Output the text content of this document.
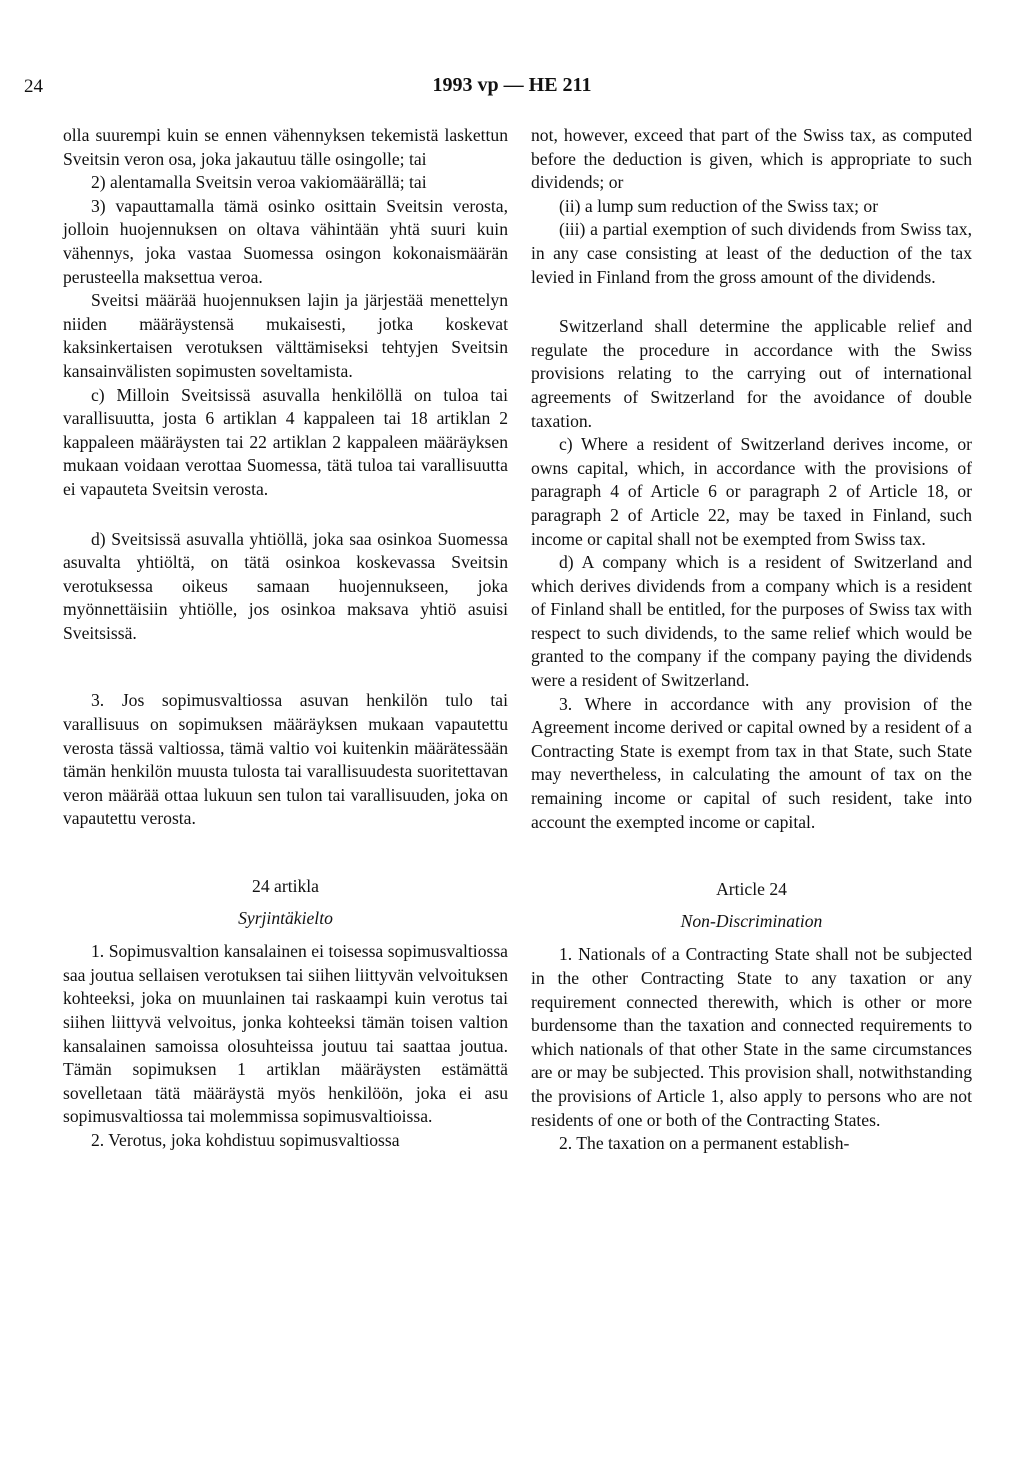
24	1993 vp — HE 211

olla suurempi kuin se ennen vähennyksen tekemistä laskettun Sveitsin veron osa, joka jakautuu tälle osingolle; tai

2) alentamalla Sveitsin veroa vakiomäärällä; tai

3) vapauttamalla tämä osinko osittain Sveitsin verosta, jolloin huojennuksen on oltava vähintään yhtä suuri kuin vähennys, joka vastaa Suomessa osingon kokonaismäärän perusteella maksettua veroa.

Sveitsi määrää huojennuksen lajin ja järjestää menettelyn niiden määräystensä mukaisesti, jotka koskevat kaksinkertaisen verotuksen välttämiseksi tehtyjen Sveitsin kansainvälisten sopimusten soveltamista.

c) Milloin Sveitsissä asuvalla henkilöllä on tuloa tai varallisuutta, josta 6 artiklan 4 kappaleen tai 18 artiklan 2 kappaleen määräysten tai 22 artiklan 2 kappaleen määräyksen mukaan voidaan verottaa Suomessa, tätä tuloa tai varallisuutta ei vapauteta Sveitsin verosta.

d) Sveitsissä asuvalla yhtiöllä, joka saa osinkoa Suomessa asuvalta yhtiöltä, on tätä osinkoa koskevassa Sveitsin verotuksessa oikeus samaan huojennukseen, joka myönnettäisiin yhtiölle, jos osinkoa maksava yhtiö asuisi Sveitsissä.

3. Jos sopimusvaltiossa asuvan henkilön tulo tai varallisuus on sopimuksen määräyksen mukaan vapautettu verosta tässä valtiossa, tämä valtio voi kuitenkin määrätessään tämän henkilön muusta tulosta tai varallisuudesta suoritettavan veron määrää ottaa lukuun sen tulon tai varallisuuden, joka on vapautettu verosta.

24 artikla

Syrjintäkielto

1. Sopimusvaltion kansalainen ei toisessa sopimusvaltiossa saa joutua sellaisen verotuksen tai siihen liittyvän velvoituksen kohteeksi, joka on muunlainen tai raskaampi kuin verotus tai siihen liittyvä velvoitus, jonka kohteeksi tämän toisen valtion kansalainen samoissa olosuhteissa joutuu tai saattaa joutua. Tämän sopimuksen 1 artiklan määräysten estämättä sovelletaan tätä määräystä myös henkilöön, joka ei asu sopimusvaltiossa tai molemmissa sopimusvaltioissa.

2. Verotus, joka kohdistuu sopimusvaltiossa

not, however, exceed that part of the Swiss tax, as computed before the deduction is given, which is appropriate to such dividends; or

(ii) a lump sum reduction of the Swiss tax; or

(iii) a partial exemption of such dividends from Swiss tax, in any case consisting at least of the deduction of the tax levied in Finland from the gross amount of the dividends.

Switzerland shall determine the applicable relief and regulate the procedure in accordance with the Swiss provisions relating to the carrying out of international agreements of Switzerland for the avoidance of double taxation.

c) Where a resident of Switzerland derives income, or owns capital, which, in accordance with the provisions of paragraph 4 of Article 6 or paragraph 2 of Article 18, or paragraph 2 of Article 22, may be taxed in Finland, such income or capital shall not be exempted from Swiss tax.

d) A company which is a resident of Switzerland and which derives dividends from a company which is a resident of Finland shall be entitled, for the purposes of Swiss tax with respect to such dividends, to the same relief which would be granted to the company if the company paying the dividends were a resident of Switzerland.

3. Where in accordance with any provision of the Agreement income derived or capital owned by a resident of a Contracting State is exempt from tax in that State, such State may nevertheless, in calculating the amount of tax on the remaining income or capital of such resident, take into account the exempted income or capital.

Article 24

Non-Discrimination

1. Nationals of a Contracting State shall not be subjected in the other Contracting State to any taxation or any requirement connected therewith, which is other or more burdensome than the taxation and connected requirements to which nationals of that other State in the same circumstances are or may be subjected. This provision shall, notwithstanding the provisions of Article 1, also apply to persons who are not residents of one or both of the Contracting States.

2. The taxation on a permanent establish-
